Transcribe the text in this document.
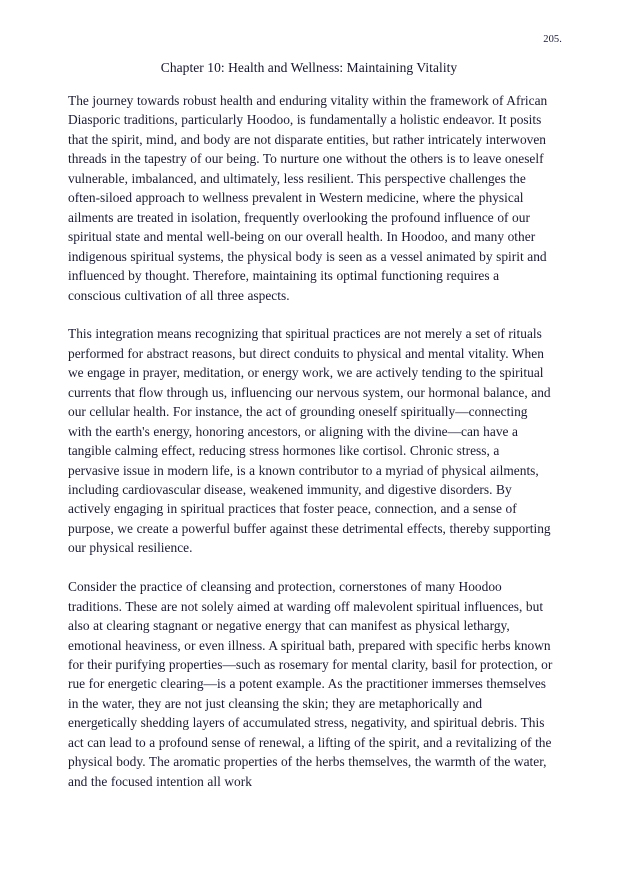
205.
Chapter 10: Health and Wellness: Maintaining Vitality

The journey towards robust health and enduring vitality within the framework of African Diasporic traditions, particularly Hoodoo, is fundamentally a holistic endeavor. It posits that the spirit, mind, and body are not disparate entities, but rather intricately interwoven threads in the tapestry of our being. To nurture one without the others is to leave oneself vulnerable, imbalanced, and ultimately, less resilient. This perspective challenges the often-siloed approach to wellness prevalent in Western medicine, where the physical ailments are treated in isolation, frequently overlooking the profound influence of our spiritual state and mental well-being on our overall health. In Hoodoo, and many other indigenous spiritual systems, the physical body is seen as a vessel animated by spirit and influenced by thought. Therefore, maintaining its optimal functioning requires a conscious cultivation of all three aspects.

This integration means recognizing that spiritual practices are not merely a set of rituals performed for abstract reasons, but direct conduits to physical and mental vitality. When we engage in prayer, meditation, or energy work, we are actively tending to the spiritual currents that flow through us, influencing our nervous system, our hormonal balance, and our cellular health. For instance, the act of grounding oneself spiritually—connecting with the earth's energy, honoring ancestors, or aligning with the divine—can have a tangible calming effect, reducing stress hormones like cortisol. Chronic stress, a pervasive issue in modern life, is a known contributor to a myriad of physical ailments, including cardiovascular disease, weakened immunity, and digestive disorders. By actively engaging in spiritual practices that foster peace, connection, and a sense of purpose, we create a powerful buffer against these detrimental effects, thereby supporting our physical resilience.

Consider the practice of cleansing and protection, cornerstones of many Hoodoo traditions. These are not solely aimed at warding off malevolent spiritual influences, but also at clearing stagnant or negative energy that can manifest as physical lethargy, emotional heaviness, or even illness. A spiritual bath, prepared with specific herbs known for their purifying properties—such as rosemary for mental clarity, basil for protection, or rue for energetic clearing—is a potent example. As the practitioner immerses themselves in the water, they are not just cleansing the skin; they are metaphorically and energetically shedding layers of accumulated stress, negativity, and spiritual debris. This act can lead to a profound sense of renewal, a lifting of the spirit, and a revitalizing of the physical body. The aromatic properties of the herbs themselves, the warmth of the water, and the focused intention all work
